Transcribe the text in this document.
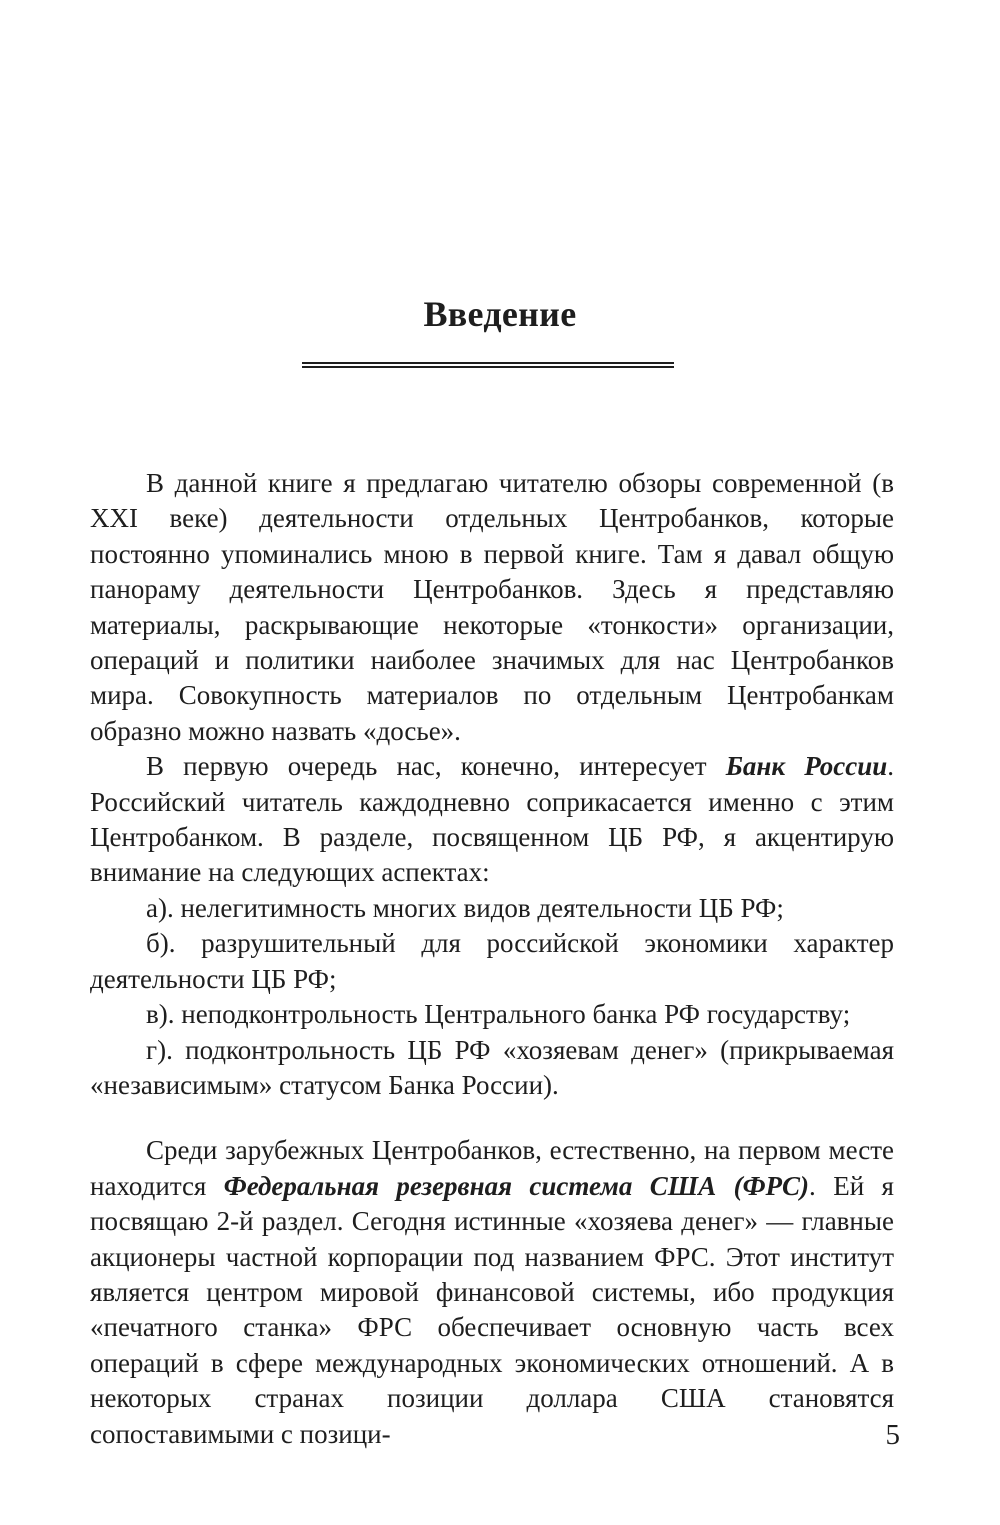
Введение

В данной книге я предлагаю читателю обзоры современной (в XXI веке) деятельности отдельных Центробанков, которые постоянно упоминались мною в первой книге. Там я давал общую панораму деятельности Центробанков. Здесь я представляю материалы, раскрывающие некоторые «тонкости» организации, операций и политики наиболее значимых для нас Центробанков мира. Совокупность материалов по отдельным Центробанкам образно можно назвать «досье».

В первую очередь нас, конечно, интересует Банк России. Российский читатель каждодневно соприкасается именно с этим Центробанком. В разделе, посвященном ЦБ РФ, я акцентирую внимание на следующих аспектах:

а). нелегитимность многих видов деятельности ЦБ РФ;

б). разрушительный для российской экономики характер деятельности ЦБ РФ;

в). неподконтрольность Центрального банка РФ государству;

г). подконтрольность ЦБ РФ «хозяевам денег» (прикрываемая «независимым» статусом Банка России).

Среди зарубежных Центробанков, естественно, на первом месте находится Федеральная резервная система США (ФРС). Ей я посвящаю 2-й раздел. Сегодня истинные «хозяева денег» — главные акционеры частной корпорации под названием ФРС. Этот институт является центром мировой финансовой системы, ибо продукция «печатного станка» ФРС обеспечивает основную часть всех операций в сфере международных экономических отношений. А в некоторых странах позиции доллара США становятся сопоставимыми с позици-	5
